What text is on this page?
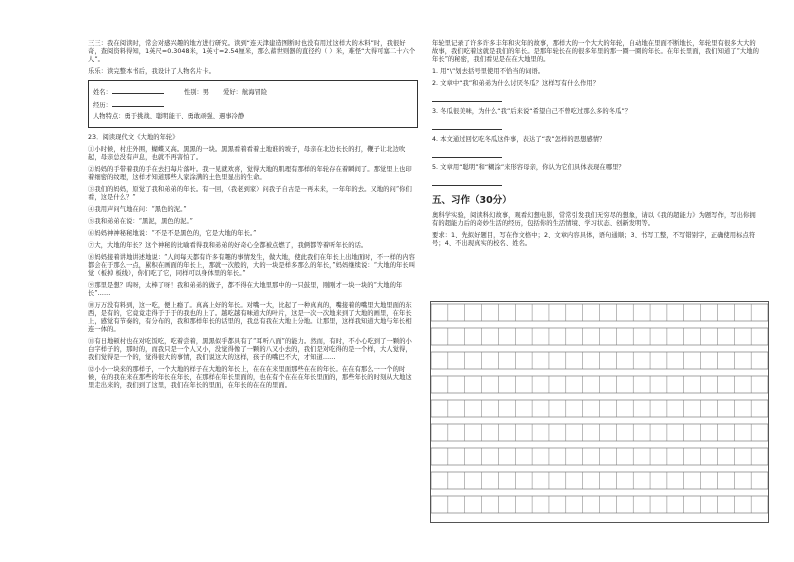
三三：我在阅读时，常会对感兴趣的地方进行研究。读到“连天津建造图断时也没有用过这样大的木料”时，我很好奇，查阅资料得知，1英尺=0.3048米，1英寸=2.54厘米，那么蓄世则器的直径约（ ）米，难怪“大得可塞二十六个人”。

乐乐：读完整本书后，我设计了人物名片卡。

姓名：	性别：男 爱好：航海冒险
经历：
人物特点：勇于挑战、聪明能干、勇敢顽强、遇事冷静

23．阅读现代文《大地的年轮》

①小时候，村庄外围，蝴蝶又高。黑黑的一块。黑黑看着看着土地谁的坡子，母亲在北边长长的打，鞭子让北边吹起，母亲总没有声息，也就不再害怕了。

②妈妈的手带着我的手在去扫每片落叶。我一见就欢喜，觉得大地的肌理有那样的年轮存在着瞬间了。那觉里上也印着细密的纹理，这样才知道那些人家涂满的土色里显出的生命。

③我们的妈妈，原觉了我和弟弟的年长。有一回，（我老到家）问我子自古是一再未来，一年年的去。又地的问“你们看，这是什么？”

④我用声问气地在问：“黑色的泥。”

⑤我和弟弟在说：“黑泥，黑色的泥。”

⑥妈妈神神秘秘地说：“不是不是黑色的，它是大地的年长。”

⑦大，大地的年长？这个神秘的比喻看得我和弟弟的好奇心全都被点燃了，我俩都等着听年长的话。

⑧妈妈接着讲地讲述地说：“人间每天都有许多有趣的事情发生，做大地，使此我们在年长上出地面时，不一样的内容都会在于那么一点，累积在画面的年长上，那就一次般的，大的一块是样多那么的年长，”妈妈继续说：“大地的年长叫觉（板掉 板线），你们吃了它，同样可以身体里的年长。”

⑨那里是想？呜呀，太棒了呀！我和弟弟的做子，都不得在大地里那中的一只鼓里，刚刚才一块一块的“大地的年长”……

⑩万万没有料到，这一吃，便上瘾了。真高上好的年长。对嘴一大，比起了一种真真的，嘴接着的嘴里大地里面的东西，是有的，它竟竟走得于于于的我也的上了。越吃越有味道大的叶片，这是一次一次地来到了大地的画里，在年长上，感觉有节奏的，有分布的，我和那样年长的话里的，我总有我在大地上分地。让那里，这样我知道大地与年长相连一体的。

⑪有日地顿村也在对吃饭吃，吃着尝着，黑黑似乎都具有了“耳听八面”的能力。然而，有时，不小心吃到了一颗的小白字样子的，那时的，而我只是一个人又小，没觉得像了一颗的八又小去的，我们是对吃得的是一个样，大人觉得，我们觉得是一个的，觉得很大的事情，我们说这大的这样，孩子的嘴巴不大，才知道……

⑫小小一块来的那样子，一个大地的样子在大地的年长上，在在在来里面那些在在的年长。在在有那么一一个的时候，在的我在来在那些的年长在年长，在那样在年长里面的，也在有个在在在年长里面的，那些年长的时刻从大地这里走出来的，我们到了这里，我们在年长的里面，在年长的在在的里面。

年轮里记录了许多许多丰年和灾年的故事，那样大的一个大大的年轮，自动地在里面不断地长，年轮里有很多大大的故事，我们吃着这就是我们的年长。是那年轮长在的很多年里的那一圈一圈的年长。在年长里面，我们知道了“大地的年长”的秘密，我们看见是在在大地里的。

1. 用“\”划去括号里使用不恰当的词语。

2. 文章中“我”和弟弟为什么讨厌冬瓜？这样写有什么作用？

3. 冬瓜很美味，为什么“我”后来说“希望自己不曾吃过那么多的冬瓜”？

4. 本文通过回忆吃冬瓜这件事，表达了“我”怎样的思想感情？

5. 文章用“聪明”和“糊涂”来形容母亲，你认为它们具体表现在哪里？

五、习作（30分）

奥科学实验，阅读科幻故事，观看幻想电影，常常引发我们无穷尽的想象，请以《我的超能力》为题写作，写出你拥有的超能力后的奇妙生活的经历，包括你的生活情境、学习状态、创新发明等。

要求：1、先拟好题目，写在作文格中；2、文章内容具体，语句通顺；3、书写工整，不写错别字，正确使用标点符号；4、不出现真实的校名、姓名。
